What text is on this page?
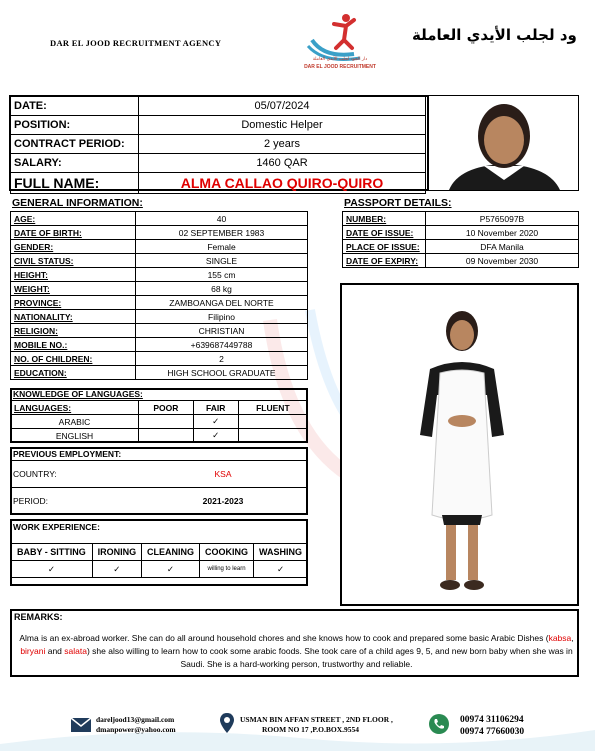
DAR EL JOOD RECRUITMENT AGENCY
دار الجود لجلب الأيدي العاملة
DAR EL JOOD RECRUITMENT
ود لجلب الأيدي العاملة
DATE:	05/07/2024
POSITION:	Domestic Helper
CONTRACT PERIOD:	2 years
SALARY:	1460 QAR
FULL NAME:	ALMA CALLAO QUIRO-QUIRO
GENERAL INFORMATION:
AGE:	40
DATE OF BIRTH:	02 SEPTEMBER 1983
GENDER:	Female
CIVIL STATUS:	SINGLE
HEIGHT:	155 cm
WEIGHT:	68 kg
PROVINCE:	ZAMBOANGA DEL NORTE
NATIONALITY:	Filipino
RELIGION:	CHRISTIAN
MOBILE NO.:	+639687449788
NO. OF CHILDREN:	2
EDUCATION:	HIGH SCHOOL GRADUATE
PASSPORT DETAILS:
NUMBER:	P5765097B
DATE OF ISSUE:	10 November 2020
PLACE OF ISSUE:	DFA Manila
DATE OF EXPIRY:	09 November 2030
KNOWLEDGE OF LANGUAGES:
LANGUAGES:	POOR	FAIR	FLUENT
ARABIC		✓	
ENGLISH		✓	
PREVIOUS EMPLOYMENT:
COUNTRY:	KSA
PERIOD:	2021-2023
WORK EXPERIENCE:
BABY - SITTING	IRONING	CLEANING	COOKING	WASHING
✓	✓	✓	willing to learn	✓
REMARKS:
Alma is an ex-abroad worker. She can do all around household chores and she knows how to cook and prepared some basic Arabic Dishes (kabsa, biryani and salata) she also willing to learn how to cook some arabic foods. She took care of a child ages 9, 5, and new born baby when she was in Saudi. She is a hard-working person, trustworthy and reliable.
dareljood13@gmail.com
dmanpower@yahoo.com
USMAN BIN AFFAN STREET , 2ND FLOOR ,
ROOM NO 17 ,P.O.BOX.9554
00974 31106294
00974 77660030
